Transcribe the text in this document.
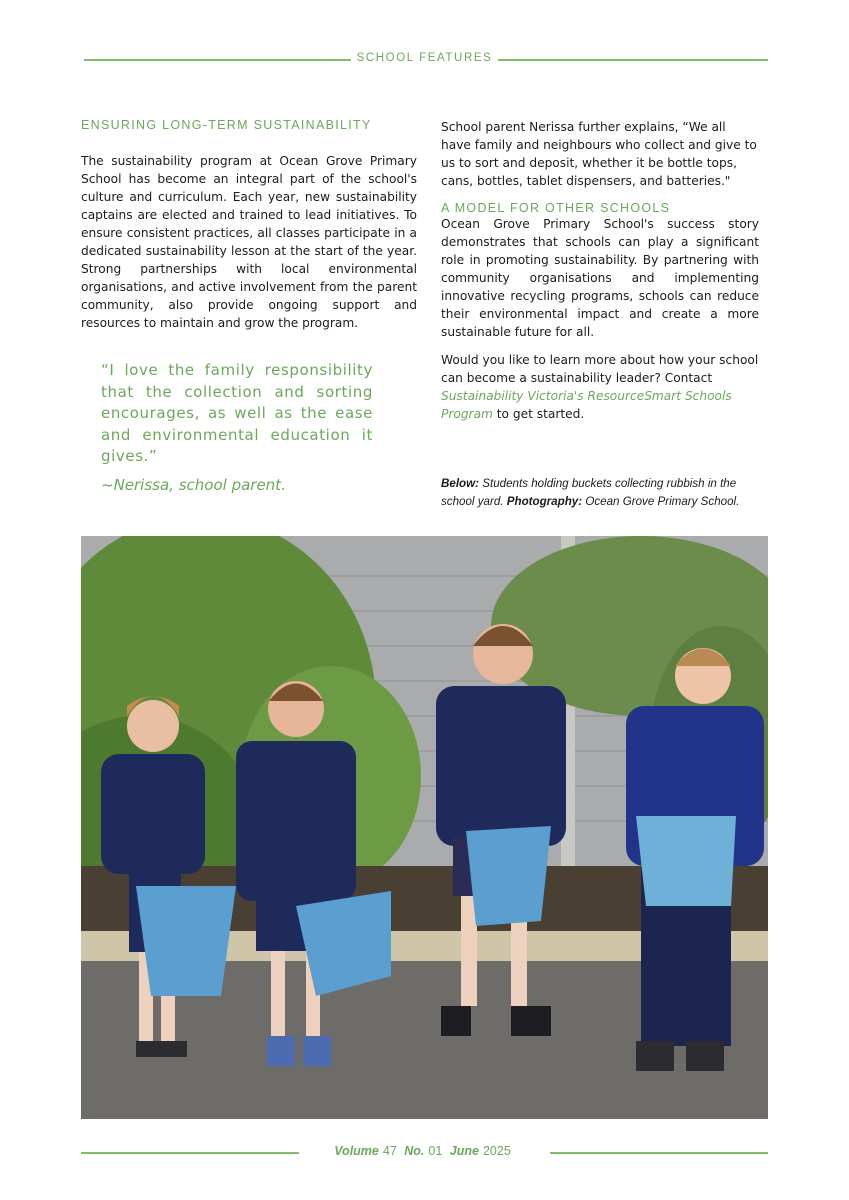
SCHOOL FEATURES

ENSURING LONG-TERM SUSTAINABILITY

The sustainability program at Ocean Grove Primary School has become an integral part of the school's culture and curriculum. Each year, new sustainability captains are elected and trained to lead initiatives. To ensure consistent practices, all classes participate in a dedicated sustainability lesson at the start of the year. Strong partnerships with local environmental organisations, and active involvement from the parent community, also provide ongoing support and resources to maintain and grow the program.

“I love the family responsibility that the collection and sorting encourages, as well as the ease and environmental education it gives.”

~Nerissa, school parent.

School parent Nerissa further explains, “We all have family and neighbours who collect and give to us to sort and deposit, whether it be bottle tops, cans, bottles, tablet dispensers, and batteries."

A MODEL FOR OTHER SCHOOLS

Ocean Grove Primary School's success story demonstrates that schools can play a significant role in promoting sustainability. By partnering with community organisations and implementing innovative recycling programs, schools can reduce their environmental impact and create a more sustainable future for all.

Would you like to learn more about how your school can become a sustainability leader? Contact Sustainability Victoria's ResourceSmart Schools Program to get started.

Below: Students holding buckets collecting rubbish in the school yard. Photography: Ocean Grove Primary School.

Volume 47 No. 01 June 2025
